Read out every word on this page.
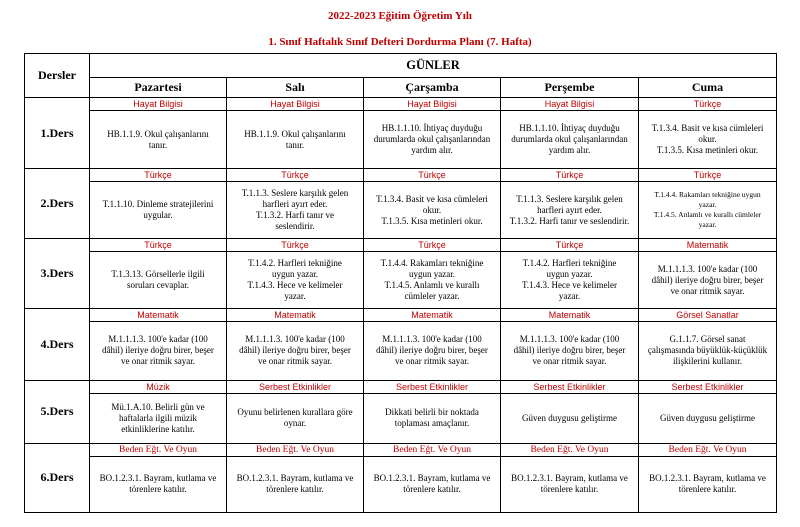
2022-2023 Eğitim Öğretim Yılı
1. Sınıf Haftalık Sınıf Defteri Dordurma Planı (7. Hafta)
Dersler	GÜNLER				
	Pazartesi	Salı	Çarşamba	Perşembe	Cuma
1.Ders	Hayat Bilgisi
HB.1.1.9. Okul çalışanlarını
tanır.	Hayat Bilgisi
HB.1.1.9. Okul çalışanlarını
tanır.	Hayat Bilgisi
HB.1.1.10. İhtiyaç duyduğu
durumlarda okul çalışanlarından
yardım alır.	Hayat Bilgisi
HB.1.1.10. İhtiyaç duyduğu
durumlarda okul çalışanlarından
yardım alır.	Türkçe
T.1.3.4. Basit ve kısa cümleleri
okur.
T.1.3.5. Kısa metinleri okur.

2.Ders	Türkçe
T.1.1.10. Dinleme stratejilerini
uygular.	Türkçe
T.1.1.3. Seslere karşılık gelen
harfleri ayırt eder.
T.1.3.2. Harfi tanır ve
seslendirir.	Türkçe
T.1.3.4. Basit ve kısa cümleleri
okur.
T.1.3.5. Kısa metinleri okur.	Türkçe
T.1.1.3. Seslere karşılık gelen
harfleri ayırt eder.
T.1.3.2. Harfi tanır ve seslendirir.	Türkçe
T.1.4.4. Rakamları tekniğine uygun
yazar.
T.1.4.5. Anlamlı ve kurallı cümleler
yazar.

3.Ders	Türkçe
T.1.3.13. Görsellerle ilgili
soruları cevaplar.	Türkçe
T.1.4.2. Harfleri tekniğine
uygun yazar.
T.1.4.3. Hece ve kelimeler
yazar.	Türkçe
T.1.4.4. Rakamları tekniğine
uygun yazar.
T.1.4.5. Anlamlı ve kurallı
cümleler yazar.	Türkçe
T.1.4.2. Harfleri tekniğine
uygun yazar.
T.1.4.3. Hece ve kelimeler
yazar.	Matematik
M.1.1.1.3. 100'e kadar (100
dâhil) ileriye doğru birer, beşer
ve onar ritmik sayar.

4.Ders	Matematik
M.1.1.1.3. 100'e kadar (100
dâhil) ileriye doğru birer, beşer
ve onar ritmik sayar.	Matematik
M.1.1.1.3. 100'e kadar (100
dâhil) ileriye doğru birer, beşer
ve onar ritmik sayar.	Matematik
M.1.1.1.3. 100'e kadar (100
dâhil) ileriye doğru birer, beşer
ve onar ritmik sayar.	Matematik
M.1.1.1.3. 100'e kadar (100
dâhil) ileriye doğru birer, beşer
ve onar ritmik sayar.	Görsel Sanatlar
G.1.1.7. Görsel sanat
çalışmasında büyüklük-küçüklük
ilişkilerini kullanır.

5.Ders	Müzik
Mü.1.A.10. Belirli gün ve
haftalarla ilgili müzik
etkinliklerine katılır.	Serbest Etkinlikler
Oyunu belirlenen kurallara göre
oynar.	Serbest Etkinlikler
Dikkati belirli bir noktada
toplaması amaçlanır.	Serbest Etkinlikler
Güven duygusu geliştirme	Serbest Etkinlikler
Güven duygusu geliştirme

6.Ders	Beden Eğt. Ve Oyun
BO.1.2.3.1. Bayram, kutlama ve
törenlere katılır.	Beden Eğt. Ve Oyun
BO.1.2.3.1. Bayram, kutlama ve
törenlere katılır.	Beden Eğt. Ve Oyun
BO.1.2.3.1. Bayram, kutlama ve
törenlere katılır.	Beden Eğt. Ve Oyun
BO.1.2.3.1. Bayram, kutlama ve
törenlere katılır.	Beden Eğt. Ve Oyun
BO.1.2.3.1. Bayram, kutlama ve
törenlere katılır.
